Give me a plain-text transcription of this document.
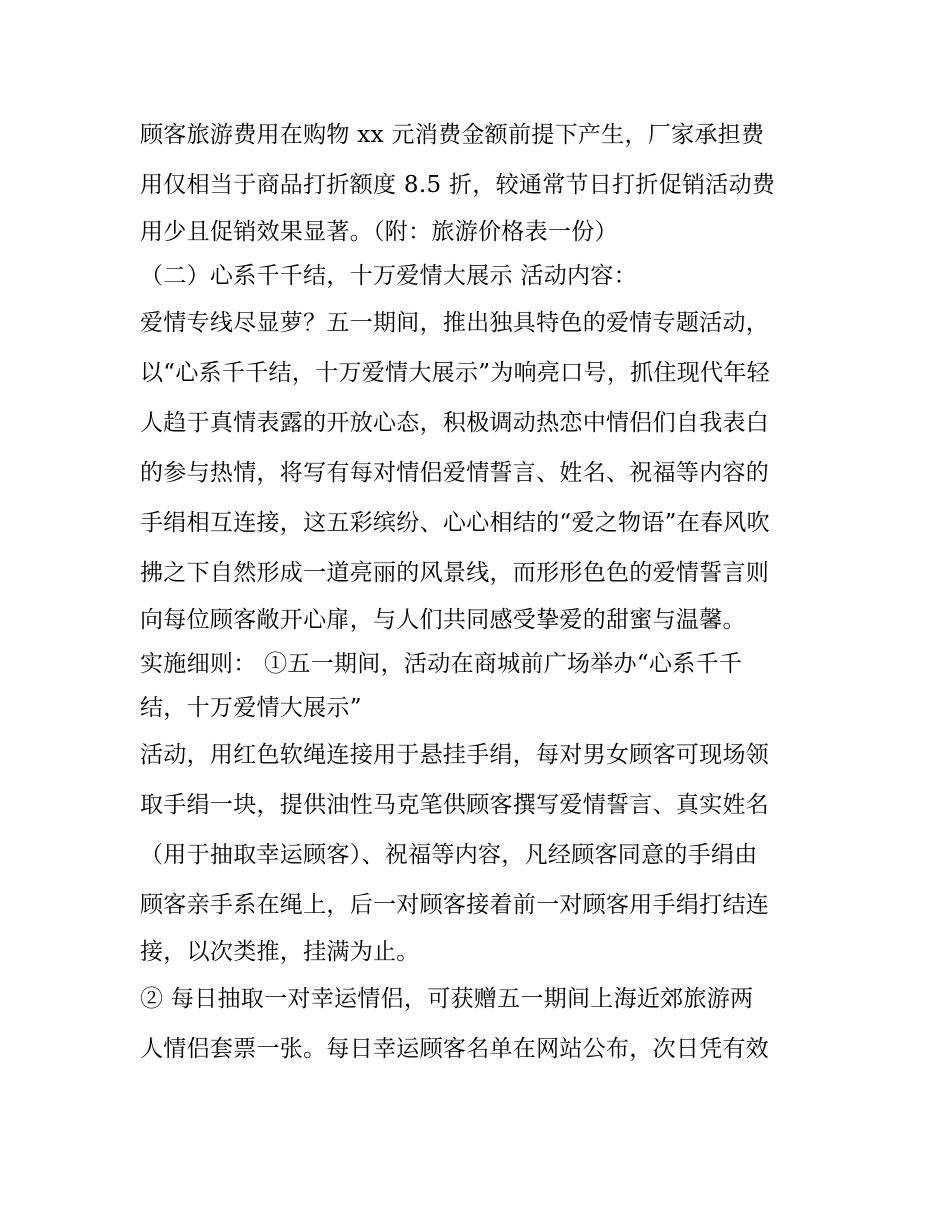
顾客旅游费用在购物 xx 元消费金额前提下产生，厂家承担费
用仅相当于商品打折额度 8.5 折，较通常节日打折促销活动费
用少且促销效果显著。（附：旅游价格表一份）
（二）心系千千结，十万爱情大展示 活动内容：
爱情专线尽显萝？五一期间，推出独具特色的爱情专题活动，
以“心系千千结，十万爱情大展示”为响亮口号，抓住现代年轻
人趋于真情表露的开放心态，积极调动热恋中情侣们自我表白
的参与热情，将写有每对情侣爱情誓言、姓名、祝福等内容的
手绢相互连接，这五彩缤纷、心心相结的“爱之物语”在春风吹
拂之下自然形成一道亮丽的风景线，而形形色色的爱情誓言则
向每位顾客敞开心扉，与人们共同感受挚爱的甜蜜与温馨。
实施细则： ①五一期间，活动在商城前广场举办“心系千千
结，十万爱情大展示”
活动，用红色软绳连接用于悬挂手绢，每对男女顾客可现场领
取手绢一块，提供油性马克笔供顾客撰写爱情誓言、真实姓名
（用于抽取幸运顾客）、祝福等内容，凡经顾客同意的手绢由
顾客亲手系在绳上，后一对顾客接着前一对顾客用手绢打结连
接，以次类推，挂满为止。
② 每日抽取一对幸运情侣，可获赠五一期间上海近郊旅游两
人情侣套票一张。每日幸运顾客名单在网站公布，次日凭有效
